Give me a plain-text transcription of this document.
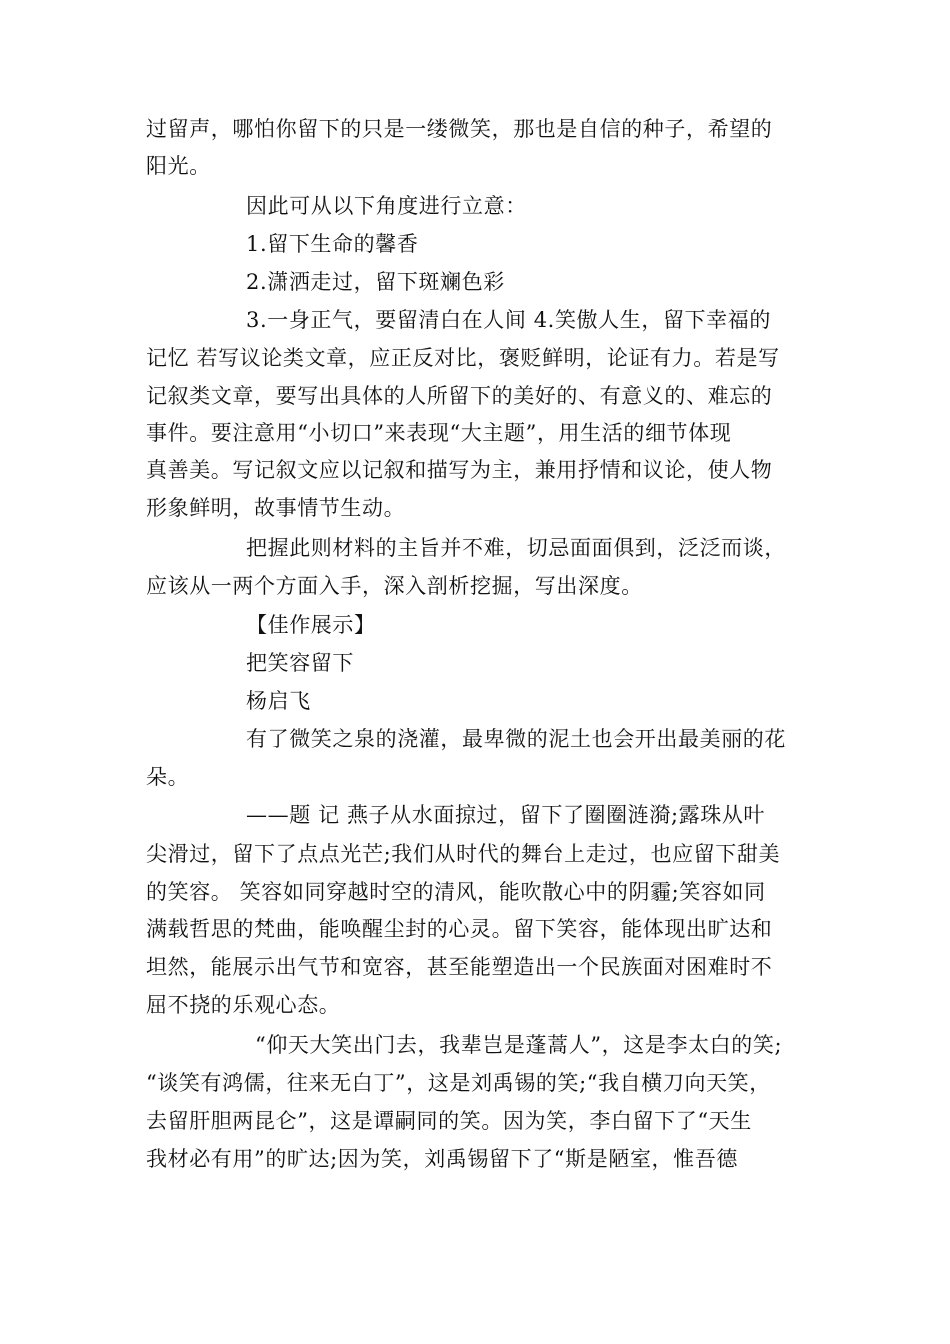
过留声，哪怕你留下的只是一缕微笑，那也是自信的种子，希望的
阳光。
因此可从以下角度进行立意：
1.留下生命的馨香
2.潇洒走过，留下斑斓色彩
3.一身正气，要留清白在人间 4.笑傲人生，留下幸福的
记忆 若写议论类文章，应正反对比，褒贬鲜明，论证有力。若是写
记叙类文章，要写出具体的人所留下的美好的、有意义的、难忘的
事件。要注意用“小切口”来表现“大主题”，用生活的细节体现
真善美。写记叙文应以记叙和描写为主，兼用抒情和议论，使人物
形象鲜明，故事情节生动。
把握此则材料的主旨并不难，切忌面面俱到，泛泛而谈，
应该从一两个方面入手，深入剖析挖掘，写出深度。
【佳作展示】
把笑容留下
杨启飞
有了微笑之泉的浇灌，最卑微的泥土也会开出最美丽的花
朵。
——题 记 燕子从水面掠过，留下了圈圈涟漪;露珠从叶
尖滑过，留下了点点光芒;我们从时代的舞台上走过，也应留下甜美
的笑容。 笑容如同穿越时空的清风，能吹散心中的阴霾;笑容如同
满载哲思的梵曲，能唤醒尘封的心灵。留下笑容，能体现出旷达和
坦然，能展示出气节和宽容，甚至能塑造出一个民族面对困难时不
屈不挠的乐观心态。
“仰天大笑出门去，我辈岂是蓬蒿人”，这是李太白的笑;
“谈笑有鸿儒，往来无白丁”，这是刘禹锡的笑;“我自横刀向天笑，
去留肝胆两昆仑”，这是谭嗣同的笑。因为笑，李白留下了“天生
我材必有用”的旷达;因为笑，刘禹锡留下了“斯是陋室，惟吾德
